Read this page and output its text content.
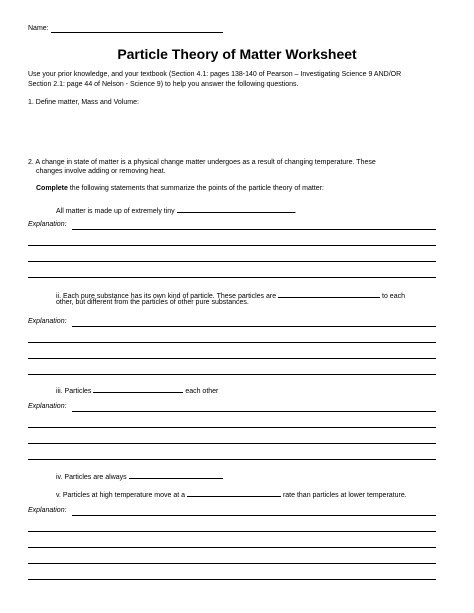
Name:
Particle Theory of Matter Worksheet
Use your prior knowledge, and your textbook (Section 4.1: pages 138-140 of Pearson – Investigating Science 9 AND/OR
Section 2.1: page 44 of Nelson - Science 9) to help you answer the following questions.
1. Define matter, Mass and Volume:
2. A change in state of matter is a physical change matter undergoes as a result of changing temperature. These
changes involve adding or removing heat.
Complete the following statements that summarize the points of the particle theory of matter:
All matter is made up of extremely tiny	.
Explanation:
ii. Each pure substance has its own kind of particle. These particles are	to each
other, but different from the particles of other pure substances.
Explanation:
iii. Particles	each other
Explanation:
iv. Particles are always
v. Particles at high temperature move at a	rate than particles at lower temperature.
Explanation:
